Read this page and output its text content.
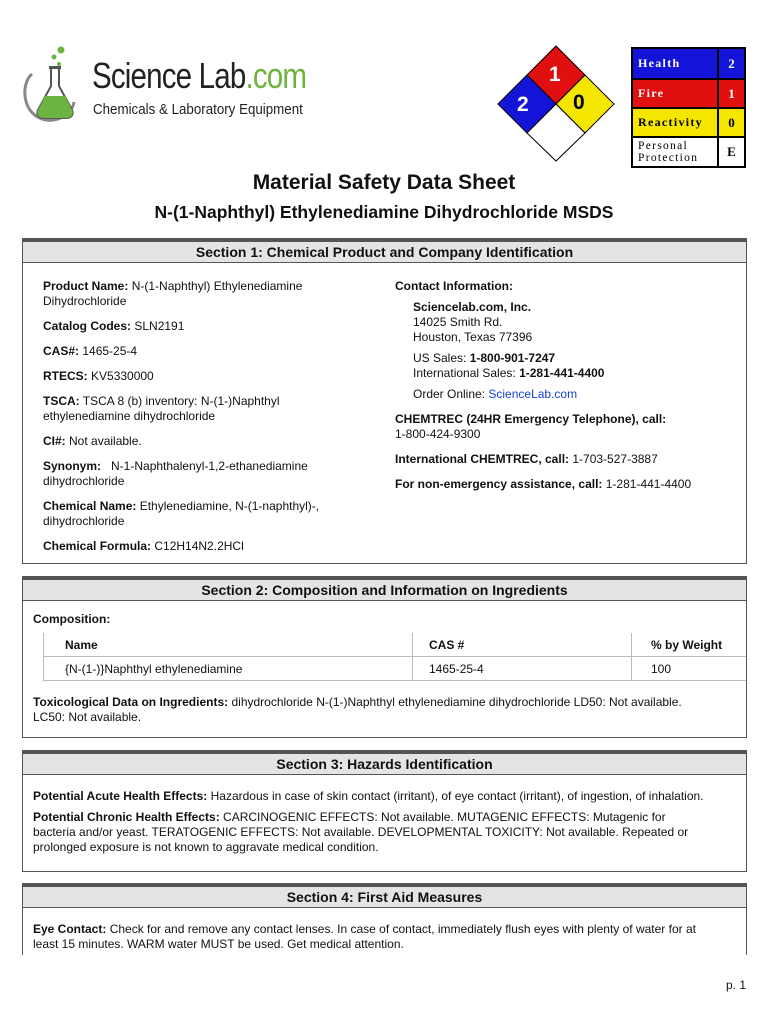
Science Lab.com
Chemicals & Laboratory Equipment
1
2 0
Health	2
Fire	1
Reactivity	0
Personal Protection	E
Material Safety Data Sheet
N-(1-Naphthyl) Ethylenediamine Dihydrochloride MSDS
Section 1: Chemical Product and Company Identification

Product Name: N-(1-Naphthyl) Ethylenediamine

Dihydrochloride

Catalog Codes: SLN2191

CAS#: 1465-25-4

RTECS: KV5330000

TSCA: TSCA 8 (b) inventory: N-(1-)Naphthyl

ethylenediamine dihydrochloride

CI#: Not available.

Synonym:   N-1-Naphthalenyl-1,2-ethanediamine

dihydrochloride

Chemical Name: Ethylenediamine, N-(1-naphthyl)-,

dihydrochloride

Chemical Formula: C12H14N2.2HCl

Contact Information:

Sciencelab.com, Inc.

14025 Smith Rd.

Houston, Texas 77396

US Sales: 1-800-901-7247

International Sales: 1-281-441-4400

Order Online: ScienceLab.com

CHEMTREC (24HR Emergency Telephone), call:

1-800-424-9300

International CHEMTREC, call: 1-703-527-3887

For non-emergency assistance, call: 1-281-441-4400

Section 2: Composition and Information on Ingredients

Composition:

Name	CAS #	% by Weight
{N-(1-)}Naphthyl ethylenediamine	1465-25-4	100

Toxicological Data on Ingredients: dihydrochloride N-(1-)Naphthyl ethylenediamine dihydrochloride LD50: Not available.

LC50: Not available.

Section 3: Hazards Identification

Potential Acute Health Effects: Hazardous in case of skin contact (irritant), of eye contact (irritant), of ingestion, of inhalation.

Potential Chronic Health Effects: CARCINOGENIC EFFECTS: Not available. MUTAGENIC EFFECTS: Mutagenic for

bacteria and/or yeast. TERATOGENIC EFFECTS: Not available. DEVELOPMENTAL TOXICITY: Not available. Repeated or

prolonged exposure is not known to aggravate medical condition.

Section 4: First Aid Measures

Eye Contact: Check for and remove any contact lenses. In case of contact, immediately flush eyes with plenty of water for at

least 15 minutes. WARM water MUST be used. Get medical attention.

p. 1
